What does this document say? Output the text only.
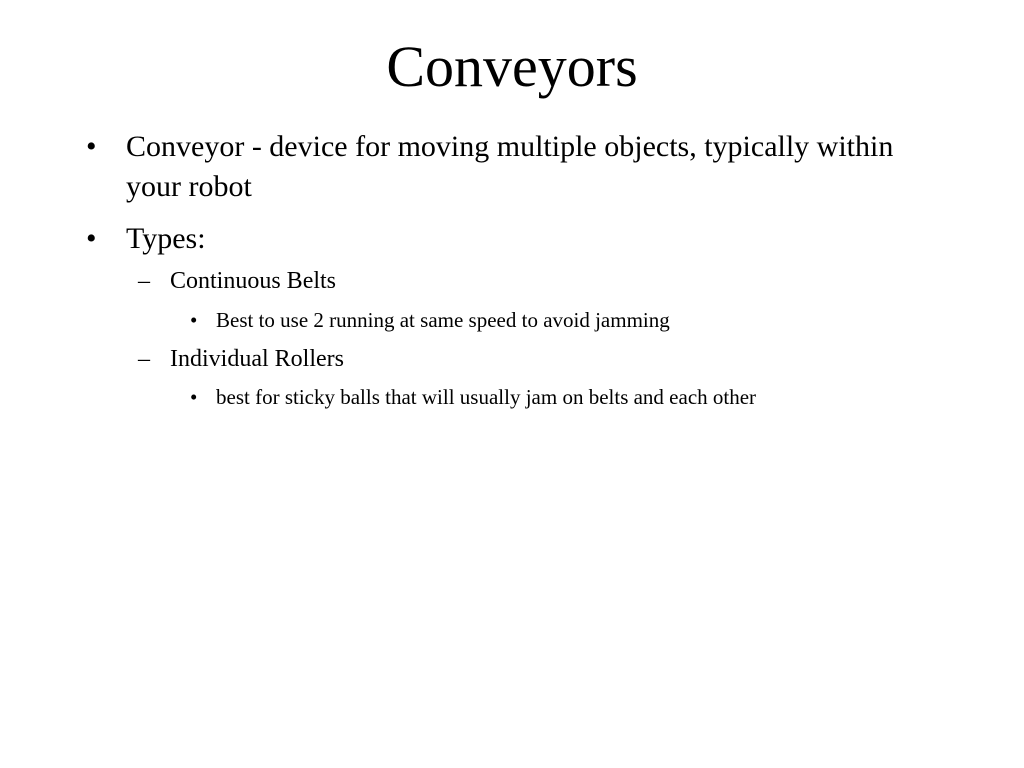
Conveyors
• Conveyor - device for moving multiple objects, typically within your robot
• Types:
– Continuous Belts
• Best to use 2 running at same speed to avoid jamming
– Individual Rollers
• best for sticky balls that will usually jam on belts and each other
